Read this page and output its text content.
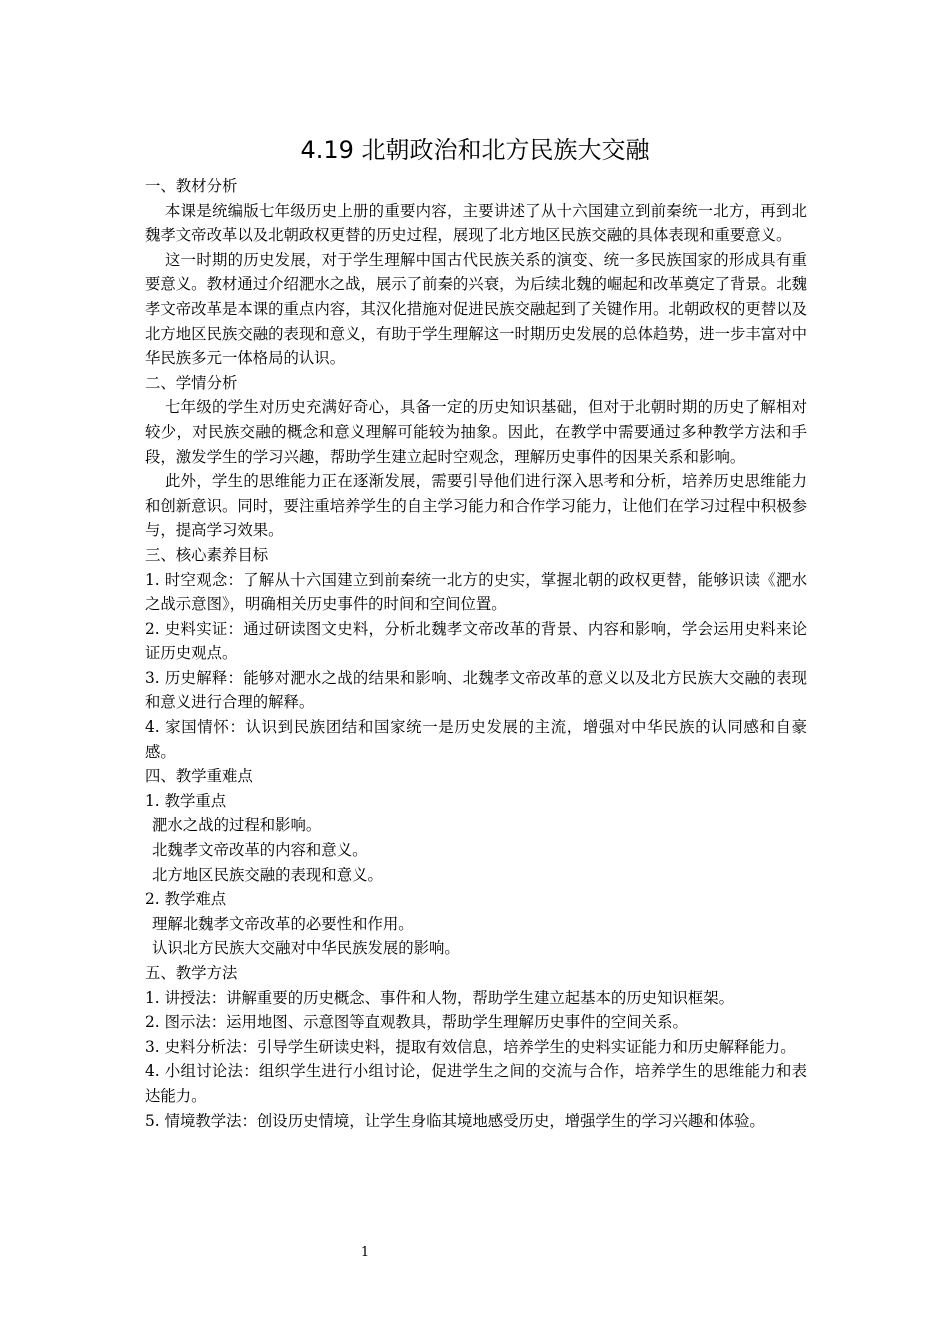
4.19 北朝政治和北方民族大交融

一、教材分析

本课是统编版七年级历史上册的重要内容，主要讲述了从十六国建立到前秦统一北方，再到北魏孝文帝改革以及北朝政权更替的历史过程，展现了北方地区民族交融的具体表现和重要意义。

这一时期的历史发展，对于学生理解中国古代民族关系的演变、统一多民族国家的形成具有重要意义。教材通过介绍淝水之战，展示了前秦的兴衰，为后续北魏的崛起和改革奠定了背景。北魏孝文帝改革是本课的重点内容，其汉化措施对促进民族交融起到了关键作用。北朝政权的更替以及北方地区民族交融的表现和意义，有助于学生理解这一时期历史发展的总体趋势，进一步丰富对中华民族多元一体格局的认识。

二、学情分析

七年级的学生对历史充满好奇心，具备一定的历史知识基础，但对于北朝时期的历史了解相对较少，对民族交融的概念和意义理解可能较为抽象。因此，在教学中需要通过多种教学方法和手段，激发学生的学习兴趣，帮助学生建立起时空观念，理解历史事件的因果关系和影响。

此外，学生的思维能力正在逐渐发展，需要引导他们进行深入思考和分析，培养历史思维能力和创新意识。同时，要注重培养学生的自主学习能力和合作学习能力，让他们在学习过程中积极参与，提高学习效果。

三、核心素养目标

1. 时空观念：了解从十六国建立到前秦统一北方的史实，掌握北朝的政权更替，能够识读《淝水之战示意图》，明确相关历史事件的时间和空间位置。

2. 史料实证：通过研读图文史料，分析北魏孝文帝改革的背景、内容和影响，学会运用史料来论证历史观点。

3. 历史解释：能够对淝水之战的结果和影响、北魏孝文帝改革的意义以及北方民族大交融的表现和意义进行合理的解释。

4. 家国情怀：认识到民族团结和国家统一是历史发展的主流，增强对中华民族的认同感和自豪感。

四、教学重难点

1. 教学重点

淝水之战的过程和影响。

北魏孝文帝改革的内容和意义。

北方地区民族交融的表现和意义。

2. 教学难点

理解北魏孝文帝改革的必要性和作用。

认识北方民族大交融对中华民族发展的影响。

五、教学方法

1. 讲授法：讲解重要的历史概念、事件和人物，帮助学生建立起基本的历史知识框架。

2. 图示法：运用地图、示意图等直观教具，帮助学生理解历史事件的空间关系。

3. 史料分析法：引导学生研读史料，提取有效信息，培养学生的史料实证能力和历史解释能力。

4. 小组讨论法：组织学生进行小组讨论，促进学生之间的交流与合作，培养学生的思维能力和表达能力。

5. 情境教学法：创设历史情境，让学生身临其境地感受历史，增强学生的学习兴趣和体验。

1
